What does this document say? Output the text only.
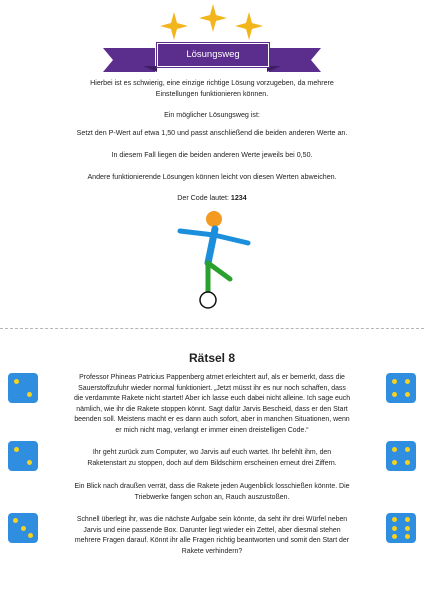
Lösungsweg
Hierbei ist es schwierig, eine einzige richtige Lösung vorzugeben, da mehrere
Einstellungen funktionieren können.
Ein möglicher Lösungsweg ist:
Setzt den P-Wert auf etwa 1,50 und passt anschließend die beiden anderen Werte an.
In diesem Fall liegen die beiden anderen Werte jeweils bei 0,50.
Andere funktionierende Lösungen können leicht von diesen Werten abweichen.
Der Code lautet: 1234
Rätsel 8
Professor Phineas Patricius Pappenberg atmet erleichtert auf, als er bemerkt, dass die
Sauerstoffzufuhr wieder normal funktioniert. „Jetzt müsst ihr es nur noch schaffen, dass
die verdammte Rakete nicht startet! Aber ich lasse euch dabei nicht alleine. Ich sage euch
nämlich, wie ihr die Rakete stoppen könnt. Sagt dafür Jarvis Bescheid, dass er den Start
beenden soll. Meistens macht er es dann auch sofort, aber in manchen Situationen, wenn
er mich nicht mag, verlangt er immer einen dreistelligen Code.“
Ihr geht zurück zum Computer, wo Jarvis auf euch wartet. Ihr befehlt ihm, den
Raketenstart zu stoppen, doch auf dem Bildschirm erscheinen erneut drei Ziffern.
Ein Blick nach draußen verrät, dass die Rakete jeden Augenblick losschießen könnte. Die
Triebwerke fangen schon an, Rauch auszustoßen.
Schnell überlegt ihr, was die nächste Aufgabe sein könnte, da seht ihr drei Würfel neben
Jarvis und eine passende Box. Darunter liegt wieder ein Zettel, aber diesmal stehen
mehrere Fragen darauf. Könnt ihr alle Fragen richtig beantworten und somit den Start der
Rakete verhindern?
